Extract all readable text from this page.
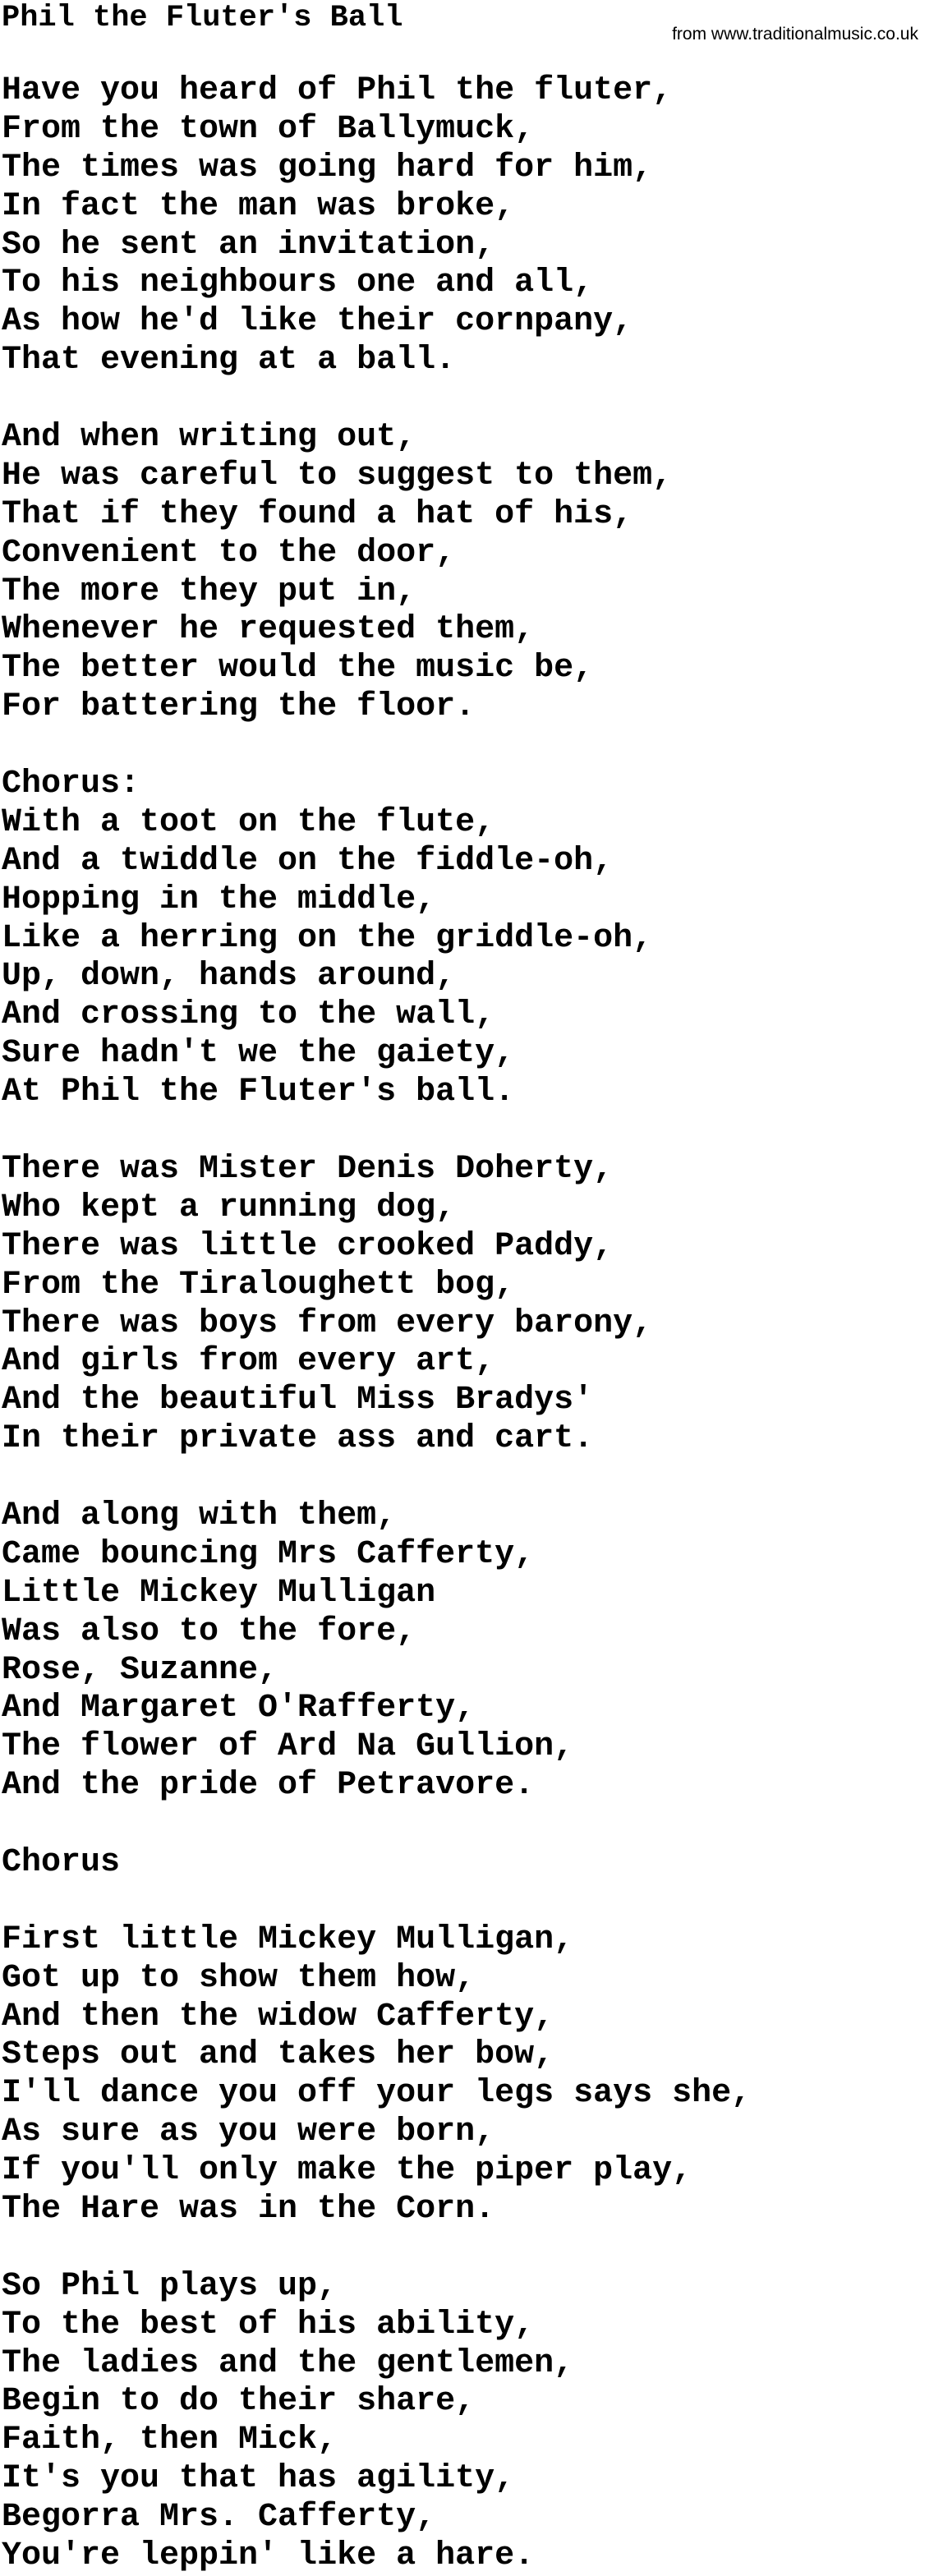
Phil the Fluter's Ball	from www.traditionalmusic.co.uk
Have you heard of Phil the fluter,
From the town of Ballymuck,
The times was going hard for him,
In fact the man was broke,
So he sent an invitation,
To his neighbours one and all,
As how he'd like their cornpany,
That evening at a ball.
And when writing out,
He was careful to suggest to them,
That if they found a hat of his,
Convenient to the door,
The more they put in,
Whenever he requested them,
The better would the music be,
For battering the floor.
Chorus:
With a toot on the flute,
And a twiddle on the fiddle-oh,
Hopping in the middle,
Like a herring on the griddle-oh,
Up, down, hands around,
And crossing to the wall,
Sure hadn't we the gaiety,
At Phil the Fluter's ball.
There was Mister Denis Doherty,
Who kept a running dog,
There was little crooked Paddy,
From the Tiraloughett bog,
There was boys from every barony,
And girls from every art,
And the beautiful Miss Bradys'
In their private ass and cart.
And along with them,
Came bouncing Mrs Cafferty,
Little Mickey Mulligan
Was also to the fore,
Rose, Suzanne,
And Margaret O'Rafferty,
The flower of Ard Na Gullion,
And the pride of Petravore.
Chorus
First little Mickey Mulligan,
Got up to show them how,
And then the widow Cafferty,
Steps out and takes her bow,
I'll dance you off your legs says she,
As sure as you were born,
If you'll only make the piper play,
The Hare was in the Corn.
So Phil plays up,
To the best of his ability,
The ladies and the gentlemen,
Begin to do their share,
Faith, then Mick,
It's you that has agility,
Begorra Mrs. Cafferty,
You're leppin' like a hare.
